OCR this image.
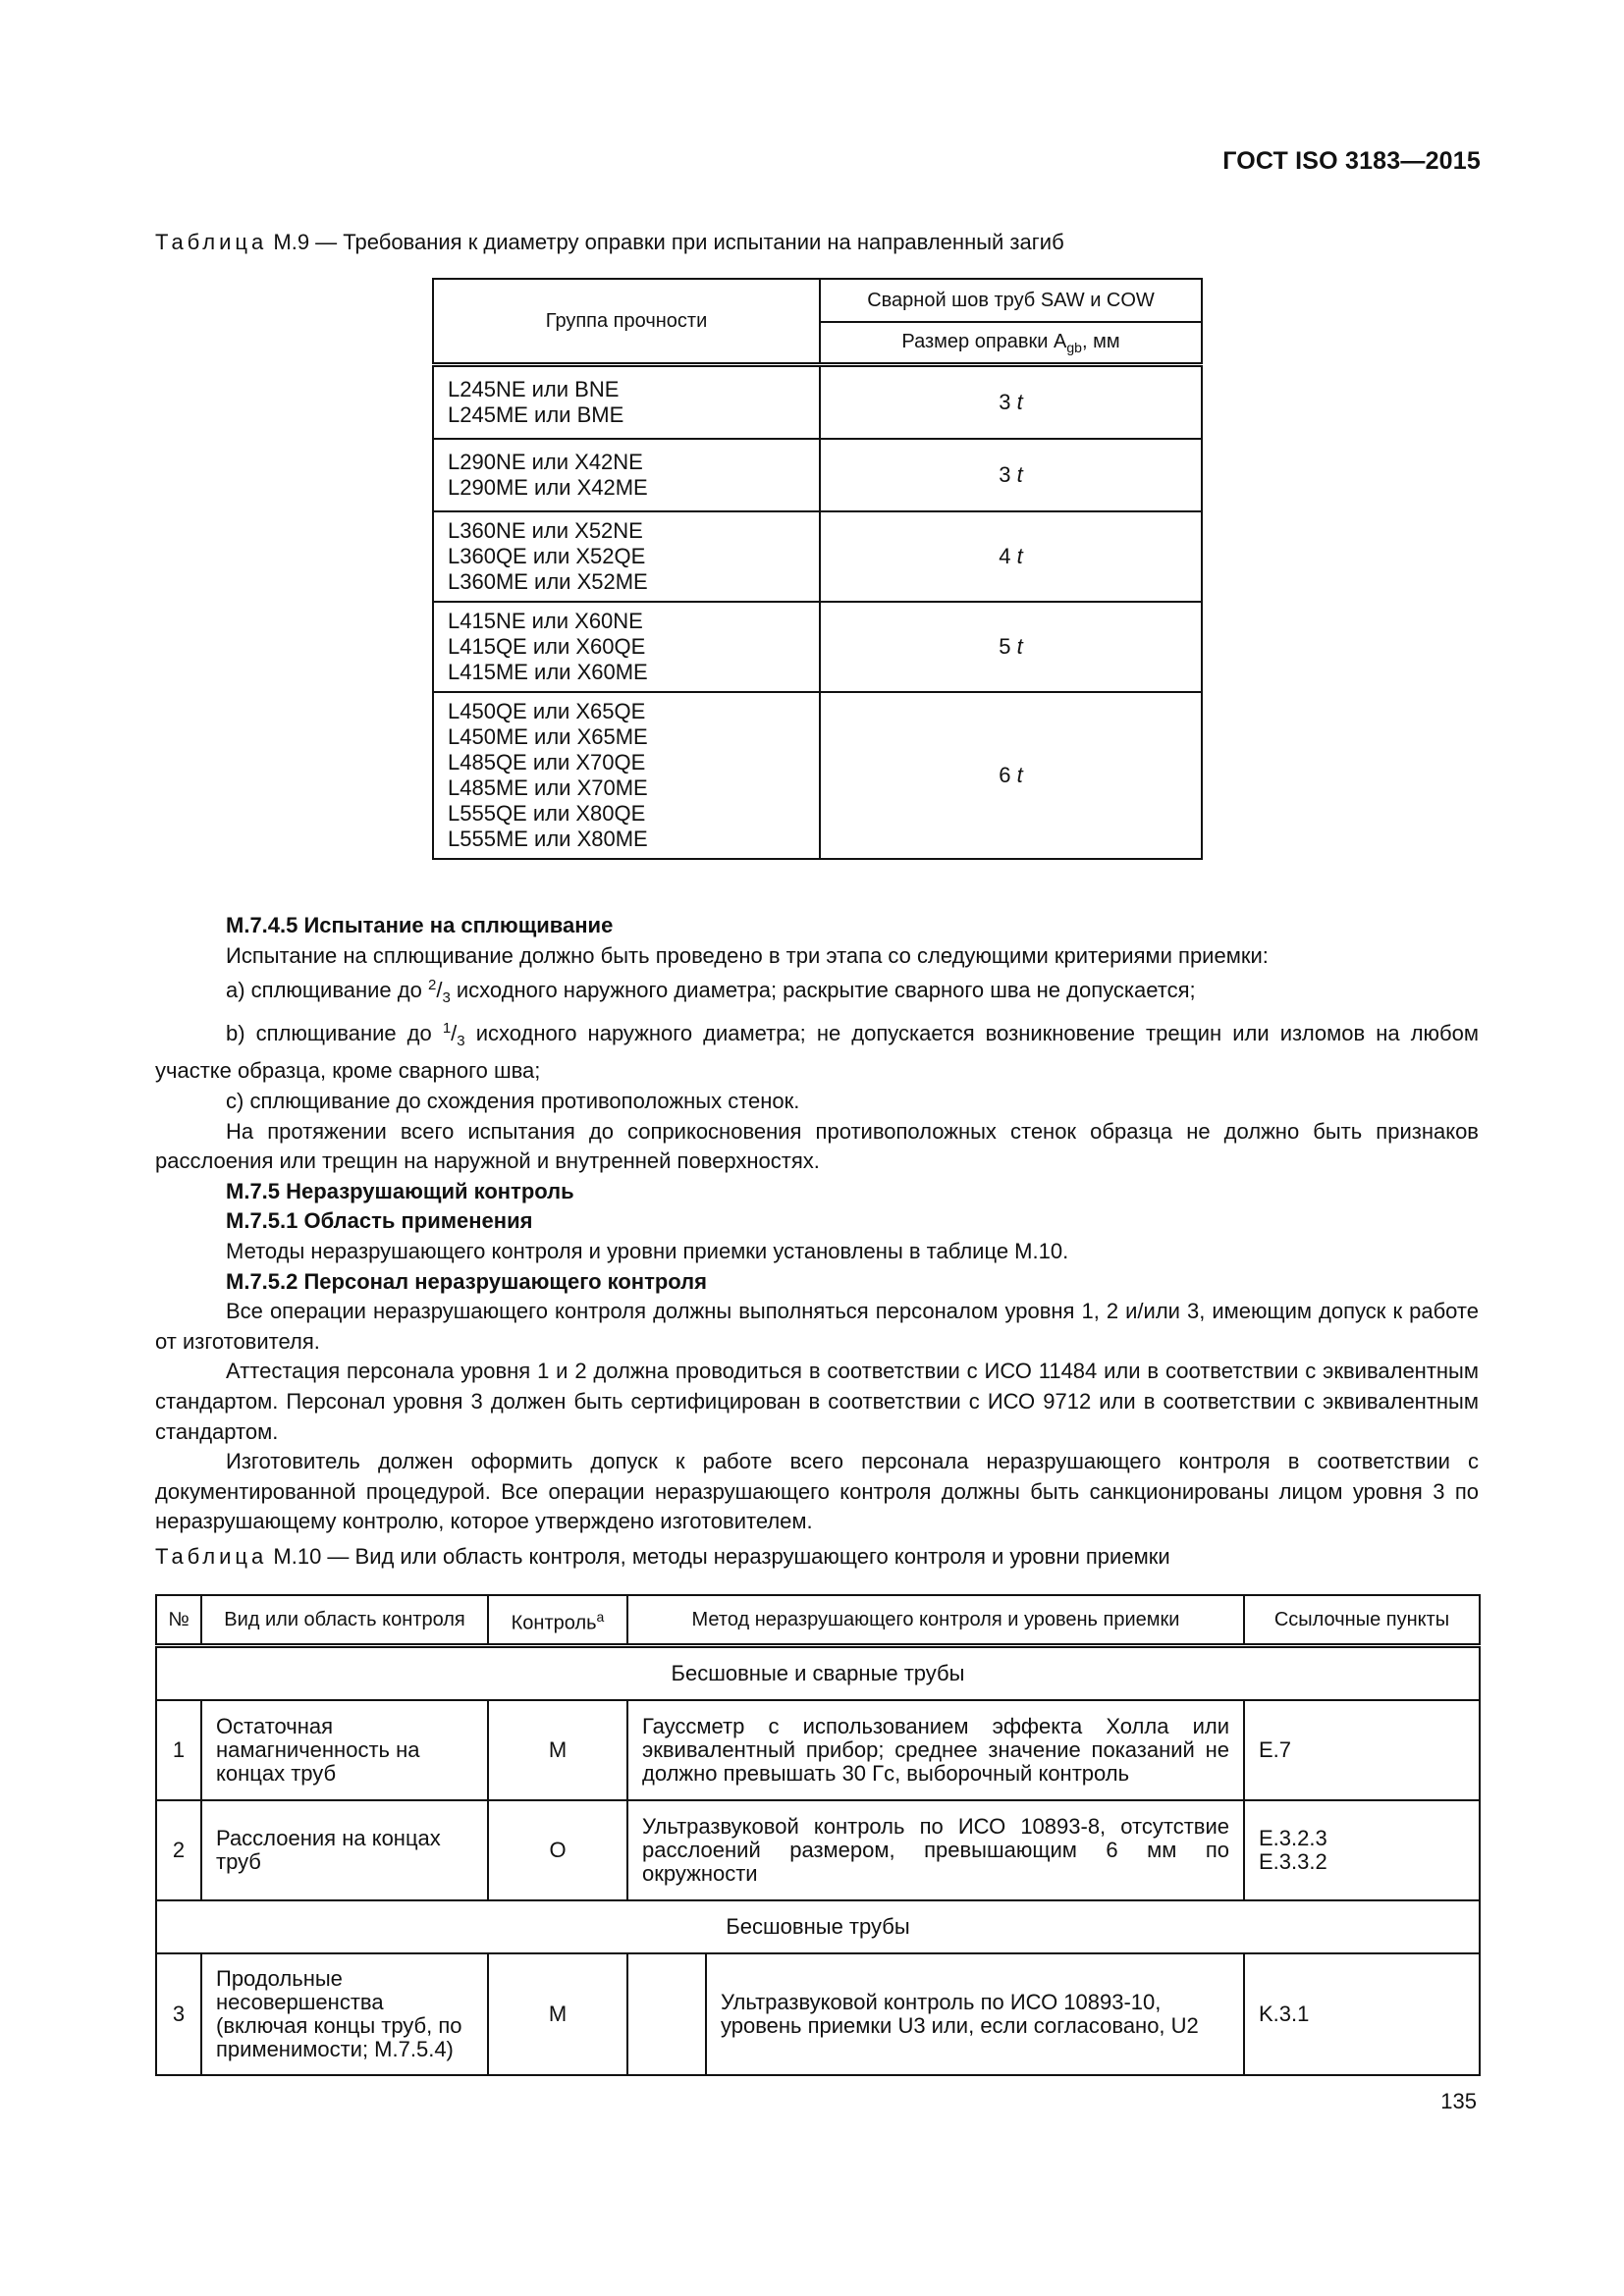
ГОСТ ISO 3183—2015
Таблица М.9 — Требования к диаметру оправки при испытании на направленный загиб
Группа прочности	Сварной шов труб SAW и COW
	Размер оправки $A_{gb}$, мм

L245NE или BNE
L245ME или BME	3 t

L290NE или X42NE
L290ME или X42ME	3 t

L360NE или X52NE
L360QE или X52QE
L360ME или X52ME	4 t

L415NE или X60NE
L415QE или X60QE
L415ME или X60ME	5 t

L450QE или X65QE
L450ME или X65ME
L485QE или X70QE
L485ME или X70ME
L555QE или X80QE
L555ME или X80ME
	6 t

М.7.4.5 Испытание на сплющивание

Испытание на сплющивание должно быть проведено в три этапа со следующими критериями приемки:

a) сплющивание до $^2/_3$ исходного наружного диаметра; раскрытие сварного шва не допускается;

b) сплющивание до $^1/_3$ исходного наружного диаметра; не допускается возникновение трещин или изломов на любом участке образца, кроме сварного шва;

c) сплющивание до схождения противоположных стенок.

На протяжении всего испытания до соприкосновения противоположных стенок образца не должно быть признаков расслоения или трещин на наружной и внутренней поверхностях.

М.7.5 Неразрушающий контроль

М.7.5.1 Область применения

Методы неразрушающего контроля и уровни приемки установлены в таблице М.10.

М.7.5.2 Персонал неразрушающего контроля

Все операции неразрушающего контроля должны выполняться персоналом уровня 1, 2 и/или 3, имеющим допуск к работе от изготовителя.

Аттестация персонала уровня 1 и 2 должна проводиться в соответствии с ИСО 11484 или в соответствии с эквивалентным стандартом. Персонал уровня 3 должен быть сертифицирован в соответствии с ИСО 9712 или в соответствии с эквивалентным стандартом.

Изготовитель должен оформить допуск к работе всего персонала неразрушающего контроля в соответствии с документированной процедурой. Все операции неразрушающего контроля должны быть санкционированы лицом уровня 3 по неразрушающему контролю, которое утверждено изготовителем.

Таблица М.10 — Вид или область контроля, методы неразрушающего контроля и уровни приемки
№	Вид или область контроля	Контроль$^a$	Метод неразрушающего контроля и уровень приемки		Ссылочные пункты
Бесшовные и сварные трубы					
1	Остаточная намагниченность на концах труб	M	Гауссметр с использованием эффекта Холла или эквивалентный прибор; среднее значение показаний не должно превышать 30 Гс, выборочный контроль		E.7

2	Расслоения на концах труб	O	Ультразвуковой контроль по ИСО 10893-8, отсутствие расслоений размером, превышающим 6 мм по окружности		E.3.2.3
E.3.3.2

Бесшовные трубы					
3	Продольные несовершенства (включая концы труб, по применимости; М.7.5.4)	M		Ультразвуковой контроль по ИСО 10893-10, уровень приемки U3 или, если согласовано, U2	K.3.1
135
